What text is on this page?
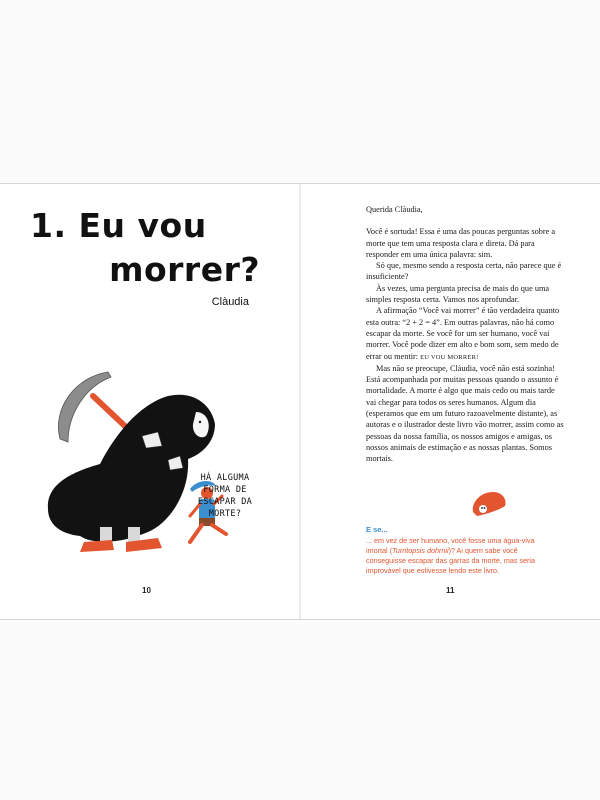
1. Eu vou
morrer?
Clàudia
HÁ ALGUMA FORMA DE ESCAPAR DA MORTE?
10

Querida Clàudia,

Você é sortuda! Essa é uma das poucas perguntas sobre a morte que tem uma resposta clara e direta. Dá para responder em uma única palavra: sim.

Só que, mesmo sendo a resposta certa, não parece que é insuficiente?

Às vezes, uma pergunta precisa de mais do que uma simples resposta certa. Vamos nos aprofundar.

A afirmação “Você vai morrer” é tão verdadeira quanto esta outra: “2 + 2 = 4”. Em outras palavras, não há como escapar da morte. Se você for um ser humano, você vai morrer. Você pode dizer em alto e bom som, sem medo de errar ou mentir: EU VOU MORRER!

Mas não se preocupe, Clàudia, você não está sozinha! Está acompanhada por muitas pessoas quando o assunto é mortalidade. A morte é algo que mais cedo ou mais tarde vai chegar para todos os seres humanos. Algum dia (esperamos que em um futuro razoavelmente distante), as autoras e o ilustrador deste livro vão morrer, assim como as pessoas da nossa família, os nossos amigos e amigas, os nossos animais de estimação e as nossas plantas. Somos mortais.

E se...
... em vez de ser humano, você fosse uma água-viva imortal (Turritopsis dohrnii)? Ai quem sabe você conseguisse escapar das garras da morte, mas seria improvável que estivesse lendo este livro.
11
